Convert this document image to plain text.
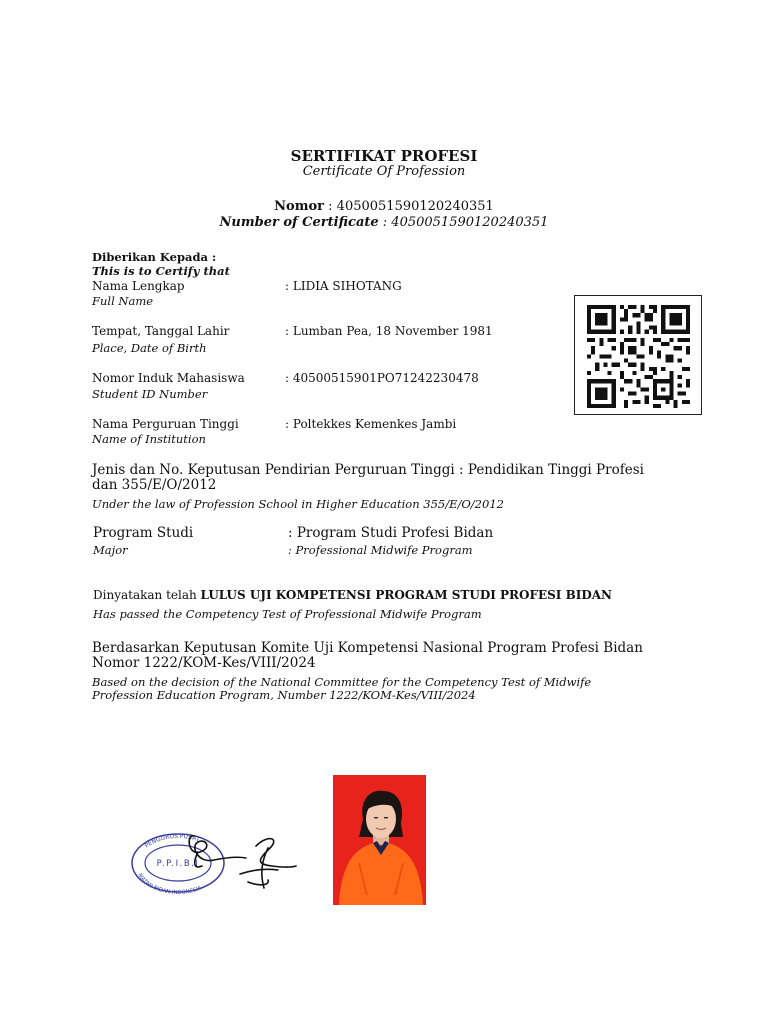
SERTIFIKAT PROFESI
Certificate Of Profession
Nomor : 4050051590120240351
Number of Certificate : 4050051590120240351
Diberikan Kepada :
This is to Certify that
Nama Lengkap
Full Name
: LIDIA SIHOTANG
Tempat, Tanggal Lahir
Place, Date of Birth
: Lumban Pea, 18 November 1981
Nomor Induk Mahasiswa
Student ID Number
: 40500515901PO71242230478
Nama Perguruan Tinggi
Name of Institution
: Poltekkes Kemenkes Jambi
Jenis dan No. Keputusan Pendirian Perguruan Tinggi : Pendidikan Tinggi Profesi
dan 355/E/O/2012
Under the law of Profession School in Higher Education 355/E/O/2012
Program Studi	: Program Studi Profesi Bidan
Major	: Professional Midwife Program
Dinyatakan telah LULUS UJI KOMPETENSI PROGRAM STUDI PROFESI BIDAN
Has passed the Competency Test of Professional Midwife Program
Berdasarkan Keputusan Komite Uji Kompetensi Nasional Program Profesi Bidan
Nomor 1222/KOM-Kes/VIII/2024
Based on the decision of the National Committee for the Competency Test of Midwife
Profession Education Program, Number 1222/KOM-Kes/VIII/2024
PENGURUS PUSAT
P.P.I.B.I
IKATAN BIDAN INDONESIA
